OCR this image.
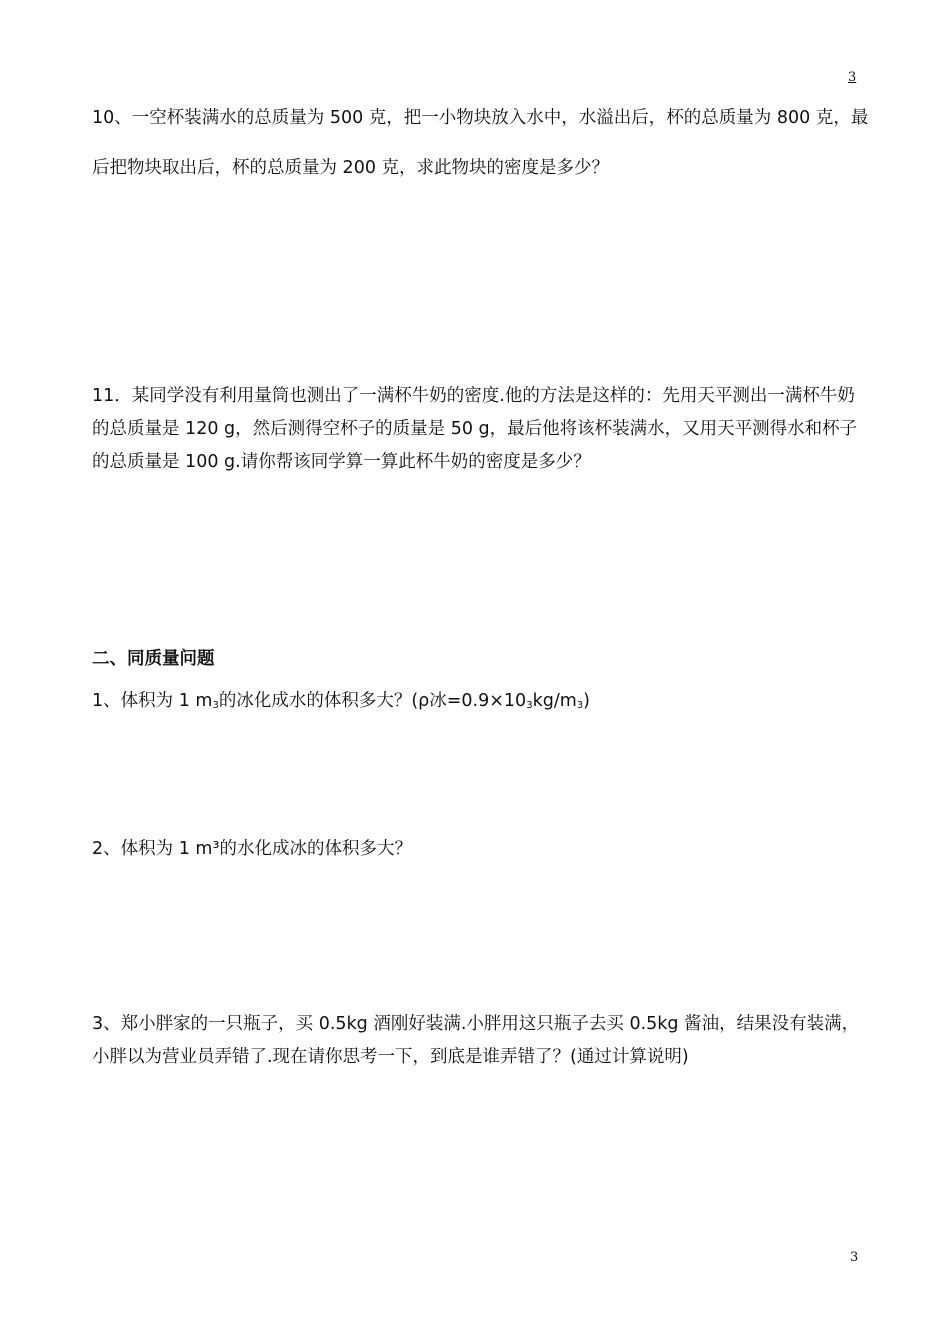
3

10、一空杯装满水的总质量为 500 克，把一小物块放入水中，水溢出后，杯的总质量为 800 克，最后把物块取出后，杯的总质量为 200 克，求此物块的密度是多少？

11．某同学没有利用量筒也测出了一满杯牛奶的密度.他的方法是这样的：先用天平测出一满杯牛奶的总质量是 120 g，然后测得空杯子的质量是 50 g，最后他将该杯装满水，又用天平测得水和杯子的总质量是 100 g.请你帮该同学算一算此杯牛奶的密度是多少？

二、同质量问题

1、体积为 1 $m_3$的冰化成水的体积多大？(ρ冰$=0.9\times 10_3kg/m_3$)

2、体积为 1 m³的水化成冰的体积多大？

3、郑小胖家的一只瓶子，买 0.5kg 酒刚好装满.小胖用这只瓶子去买 0.5kg 酱油，结果没有装满，小胖以为营业员弄错了.现在请你思考一下，到底是谁弄错了？(通过计算说明)

3
